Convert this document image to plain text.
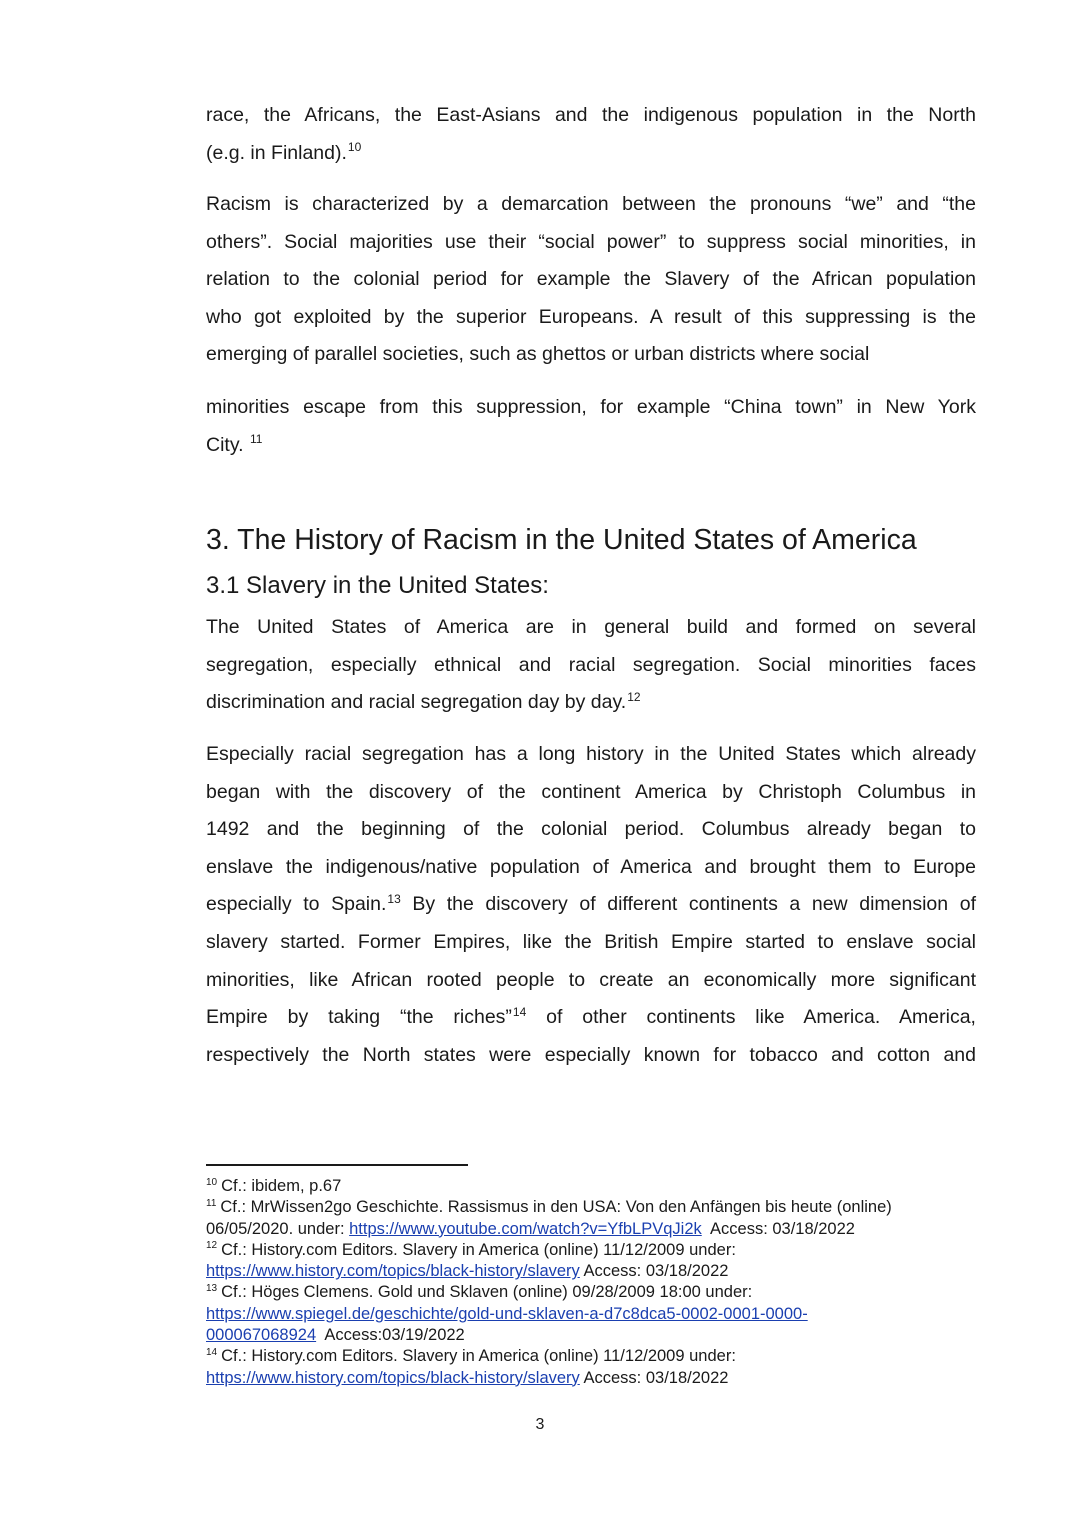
race, the Africans, the East-Asians and the indigenous population in the North
(e.g. in Finland).$^{10}$
Racism is characterized by a demarcation between the pronouns “we” and “the
others”. Social majorities use their “social power” to suppress social minorities, in
relation to the colonial period for example the Slavery of the African population
who got exploited by the superior Europeans. A result of this suppressing is the
emerging of parallel societies, such as ghettos or urban districts where social
minorities escape from this suppression, for example “China town” in New York
City. $^{11}$
3. The History of Racism in the United States of America
3.1 Slavery in the United States:
The United States of America are in general build and formed on several
segregation, especially ethnical and racial segregation. Social minorities faces
discrimination and racial segregation day by day.$^{12}$
Especially racial segregation has a long history in the United States which already
began with the discovery of the continent America by Christoph Columbus in
1492 and the beginning of the colonial period. Columbus already began to
enslave the indigenous/native population of America and brought them to Europe
especially to Spain.$^{13}$ By the discovery of different continents a new dimension of
slavery started. Former Empires, like the British Empire started to enslave social
minorities, like African rooted people to create an economically more significant
Empire by taking “the riches”$^{14}$ of other continents like America. America,
respectively the North states were especially known for tobacco and cotton and
$^{10}$ Cf.: ibidem, p.67
$^{11}$ Cf.: MrWissen2go Geschichte. Rassismus in den USA: Von den Anfängen bis heute (online)
06/05/2020. under: https://www.youtube.com/watch?v=YfbLPVqJi2k  Access: 03/18/2022
$^{12}$ Cf.: History.com Editors. Slavery in America (online) 11/12/2009 under:
https://www.history.com/topics/black-history/slavery Access: 03/18/2022
$^{13}$ Cf.: Höges Clemens. Gold und Sklaven (online) 09/28/2009 18:00 under:
https://www.spiegel.de/geschichte/gold-und-sklaven-a-d7c8dca5-0002-0001-0000-
000067068924  Access:03/19/2022
$^{14}$ Cf.: History.com Editors. Slavery in America (online) 11/12/2009 under:
https://www.history.com/topics/black-history/slavery Access: 03/18/2022
3
